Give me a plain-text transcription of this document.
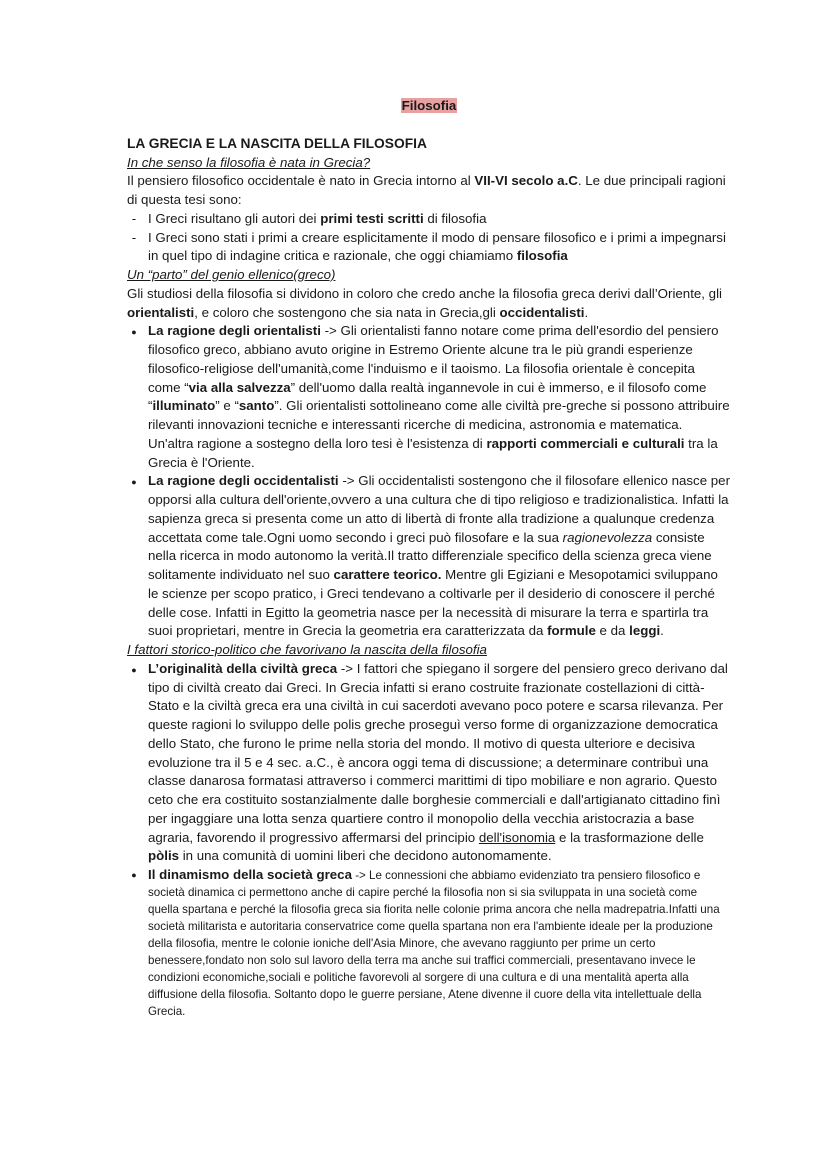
Filosofia
LA GRECIA E LA NASCITA DELLA FILOSOFIA
In che senso la filosofia è nata in Grecia?
Il pensiero filosofico occidentale è nato in Grecia intorno al VII-VI secolo a.C. Le due principali ragioni di questa tesi sono:
- I Greci risultano gli autori dei primi testi scritti di filosofia
- I Greci sono stati i primi a creare esplicitamente il modo di pensare filosofico e i primi a impegnarsi in quel tipo di indagine critica e razionale, che oggi chiamiamo filosofia
Un “parto” del genio ellenico(greco)
Gli studiosi della filosofia si dividono in coloro che credo anche la filosofia greca derivi dall’Oriente, gli orientalisti, e coloro che sostengono che sia nata in Grecia,gli occidentalisti.
● La ragione degli orientalisti -> Gli orientalisti fanno notare come prima dell'esordio del pensiero filosofico greco, abbiano avuto origine in Estremo Oriente alcune tra le più grandi esperienze filosofico-religiose dell'umanità,come l'induismo e il taoismo. La filosofia orientale è concepita come “via alla salvezza” dell'uomo dalla realtà ingannevole in cui è immerso, e il filosofo come “illuminato” e “santo”. Gli orientalisti sottolineano come alle civiltà pre-greche si possono attribuire rilevanti innovazioni tecniche e interessanti ricerche di medicina, astronomia e matematica. Un'altra ragione a sostegno della loro tesi è l'esistenza di rapporti commerciali e culturali tra la Grecia è l'Oriente.
● La ragione degli occidentalisti -> Gli occidentalisti sostengono che il filosofare ellenico nasce per opporsi alla cultura dell'oriente,ovvero a una cultura che di tipo religioso e tradizionalistica. Infatti la sapienza greca si presenta come un atto di libertà di fronte alla tradizione a qualunque credenza accettata come tale.Ogni uomo secondo i greci può filosofare e la sua ragionevolezza consiste nella ricerca in modo autonomo la verità.Il tratto differenziale specifico della scienza greca viene solitamente individuato nel suo carattere teorico. Mentre gli Egiziani e Mesopotamici sviluppano le scienze per scopo pratico, i Greci tendevano a coltivarle per il desiderio di conoscere il perché delle cose. Infatti in Egitto la geometria nasce per la necessità di misurare la terra e spartirla tra suoi proprietari, mentre in Grecia la geometria era caratterizzata da formule e da leggi.
I fattori storico-politico che favorivano la nascita della filosofia
● L’originalità della civiltà greca -> I fattori che spiegano il sorgere del pensiero greco derivano dal tipo di civiltà creato dai Greci. In Grecia infatti si erano costruite frazionate costellazioni di città-Stato e la civiltà greca era una civiltà in cui sacerdoti avevano poco potere e scarsa rilevanza. Per queste ragioni lo sviluppo delle polis greche proseguì verso forme di organizzazione democratica dello Stato, che furono le prime nella storia del mondo. Il motivo di questa ulteriore e decisiva evoluzione tra il 5 e 4 sec. a.C., è ancora oggi tema di discussione; a determinare contribuì una classe danarosa formatasi attraverso i commerci marittimi di tipo mobiliare e non agrario. Questo ceto che era costituito sostanzialmente dalle borghesie commerciali e dall'artigianato cittadino finì per ingaggiare una lotta senza quartiere contro il monopolio della vecchia aristocrazia a base agraria, favorendo il progressivo affermarsi del principio dell'isonomia e la trasformazione delle pòlis in una comunità di uomini liberi che decidono autonomamente.
● Il dinamismo della società greca -> Le connessioni che abbiamo evidenziato tra pensiero filosofico e società dinamica ci permettono anche di capire perché la filosofia non si sia sviluppata in una società come quella spartana e perché la filosofia greca sia fiorita nelle colonie prima ancora che nella madrepatria.Infatti una società militarista e autoritaria conservatrice come quella spartana non era l'ambiente ideale per la produzione della filosofia, mentre le colonie ioniche dell'Asia Minore, che avevano raggiunto per prime un certo benessere,fondato non solo sul lavoro della terra ma anche sui traffici commerciali, presentavano invece le condizioni economiche,sociali e politiche favorevoli al sorgere di una cultura e di una mentalità aperta alla diffusione della filosofia. Soltanto dopo le guerre persiane, Atene divenne il cuore della vita intellettuale della Grecia.
